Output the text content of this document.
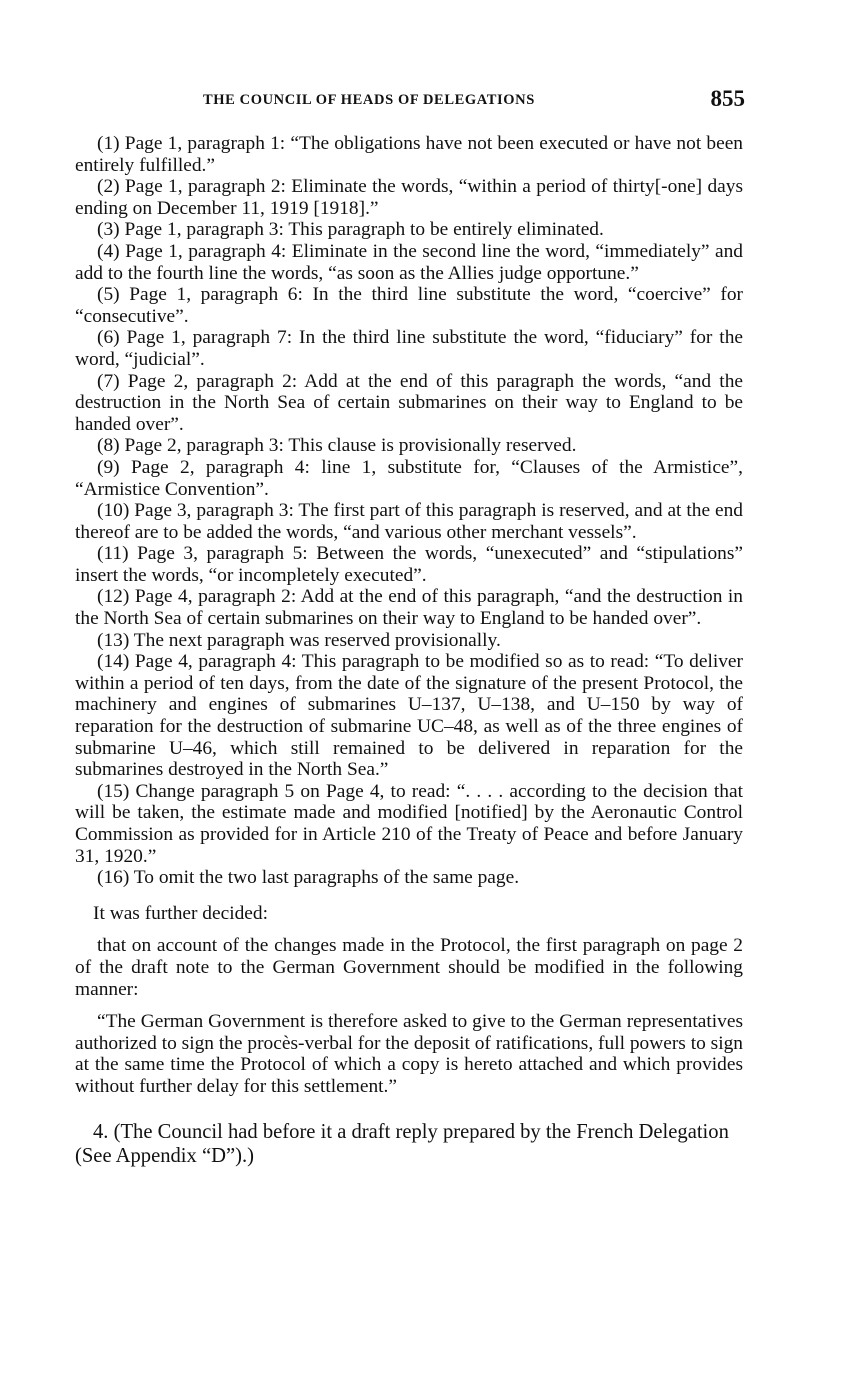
THE COUNCIL OF HEADS OF DELEGATIONS	855

(1) Page 1, paragraph 1: “The obligations have not been executed or have not been entirely fulfilled.”

(2) Page 1, paragraph 2: Eliminate the words, “within a period of thirty[-one] days ending on December 11, 1919 [1918].”

(3) Page 1, paragraph 3: This paragraph to be entirely eliminated.

(4) Page 1, paragraph 4: Eliminate in the second line the word, “immediately” and add to the fourth line the words, “as soon as the Allies judge opportune.”

(5) Page 1, paragraph 6: In the third line substitute the word, “coercive” for “consecutive”.

(6) Page 1, paragraph 7: In the third line substitute the word, “fiduciary” for the word, “judicial”.

(7) Page 2, paragraph 2: Add at the end of this paragraph the words, “and the destruction in the North Sea of certain submarines on their way to England to be handed over”.

(8) Page 2, paragraph 3: This clause is provisionally reserved.

(9) Page 2, paragraph 4: line 1, substitute for, “Clauses of the Armistice”, “Armistice Convention”.

(10) Page 3, paragraph 3: The first part of this paragraph is reserved, and at the end thereof are to be added the words, “and various other merchant vessels”.

(11) Page 3, paragraph 5: Between the words, “unexecuted” and “stipulations” insert the words, “or incompletely executed”.

(12) Page 4, paragraph 2: Add at the end of this paragraph, “and the destruction in the North Sea of certain submarines on their way to England to be handed over”.

(13) The next paragraph was reserved provisionally.

(14) Page 4, paragraph 4: This paragraph to be modified so as to read: “To deliver within a period of ten days, from the date of the signature of the present Protocol, the machinery and engines of submarines U–137, U–138, and U–150 by way of reparation for the destruction of submarine UC–48, as well as of the three engines of submarine U–46, which still remained to be delivered in reparation for the submarines destroyed in the North Sea.”

(15) Change paragraph 5 on Page 4, to read: “. . . . according to the decision that will be taken, the estimate made and modified [notified] by the Aeronautic Control Commission as provided for in Article 210 of the Treaty of Peace and before January 31, 1920.”

(16) To omit the two last paragraphs of the same page.

It was further decided:

that on account of the changes made in the Protocol, the first paragraph on page 2 of the draft note to the German Government should be modified in the following manner:

“The German Government is therefore asked to give to the German representatives authorized to sign the procès-verbal for the deposit of ratifications, full powers to sign at the same time the Protocol of which a copy is hereto attached and which provides without further delay for this settlement.”

4. (The Council had before it a draft reply prepared by the French Delegation (See Appendix “D”).)
